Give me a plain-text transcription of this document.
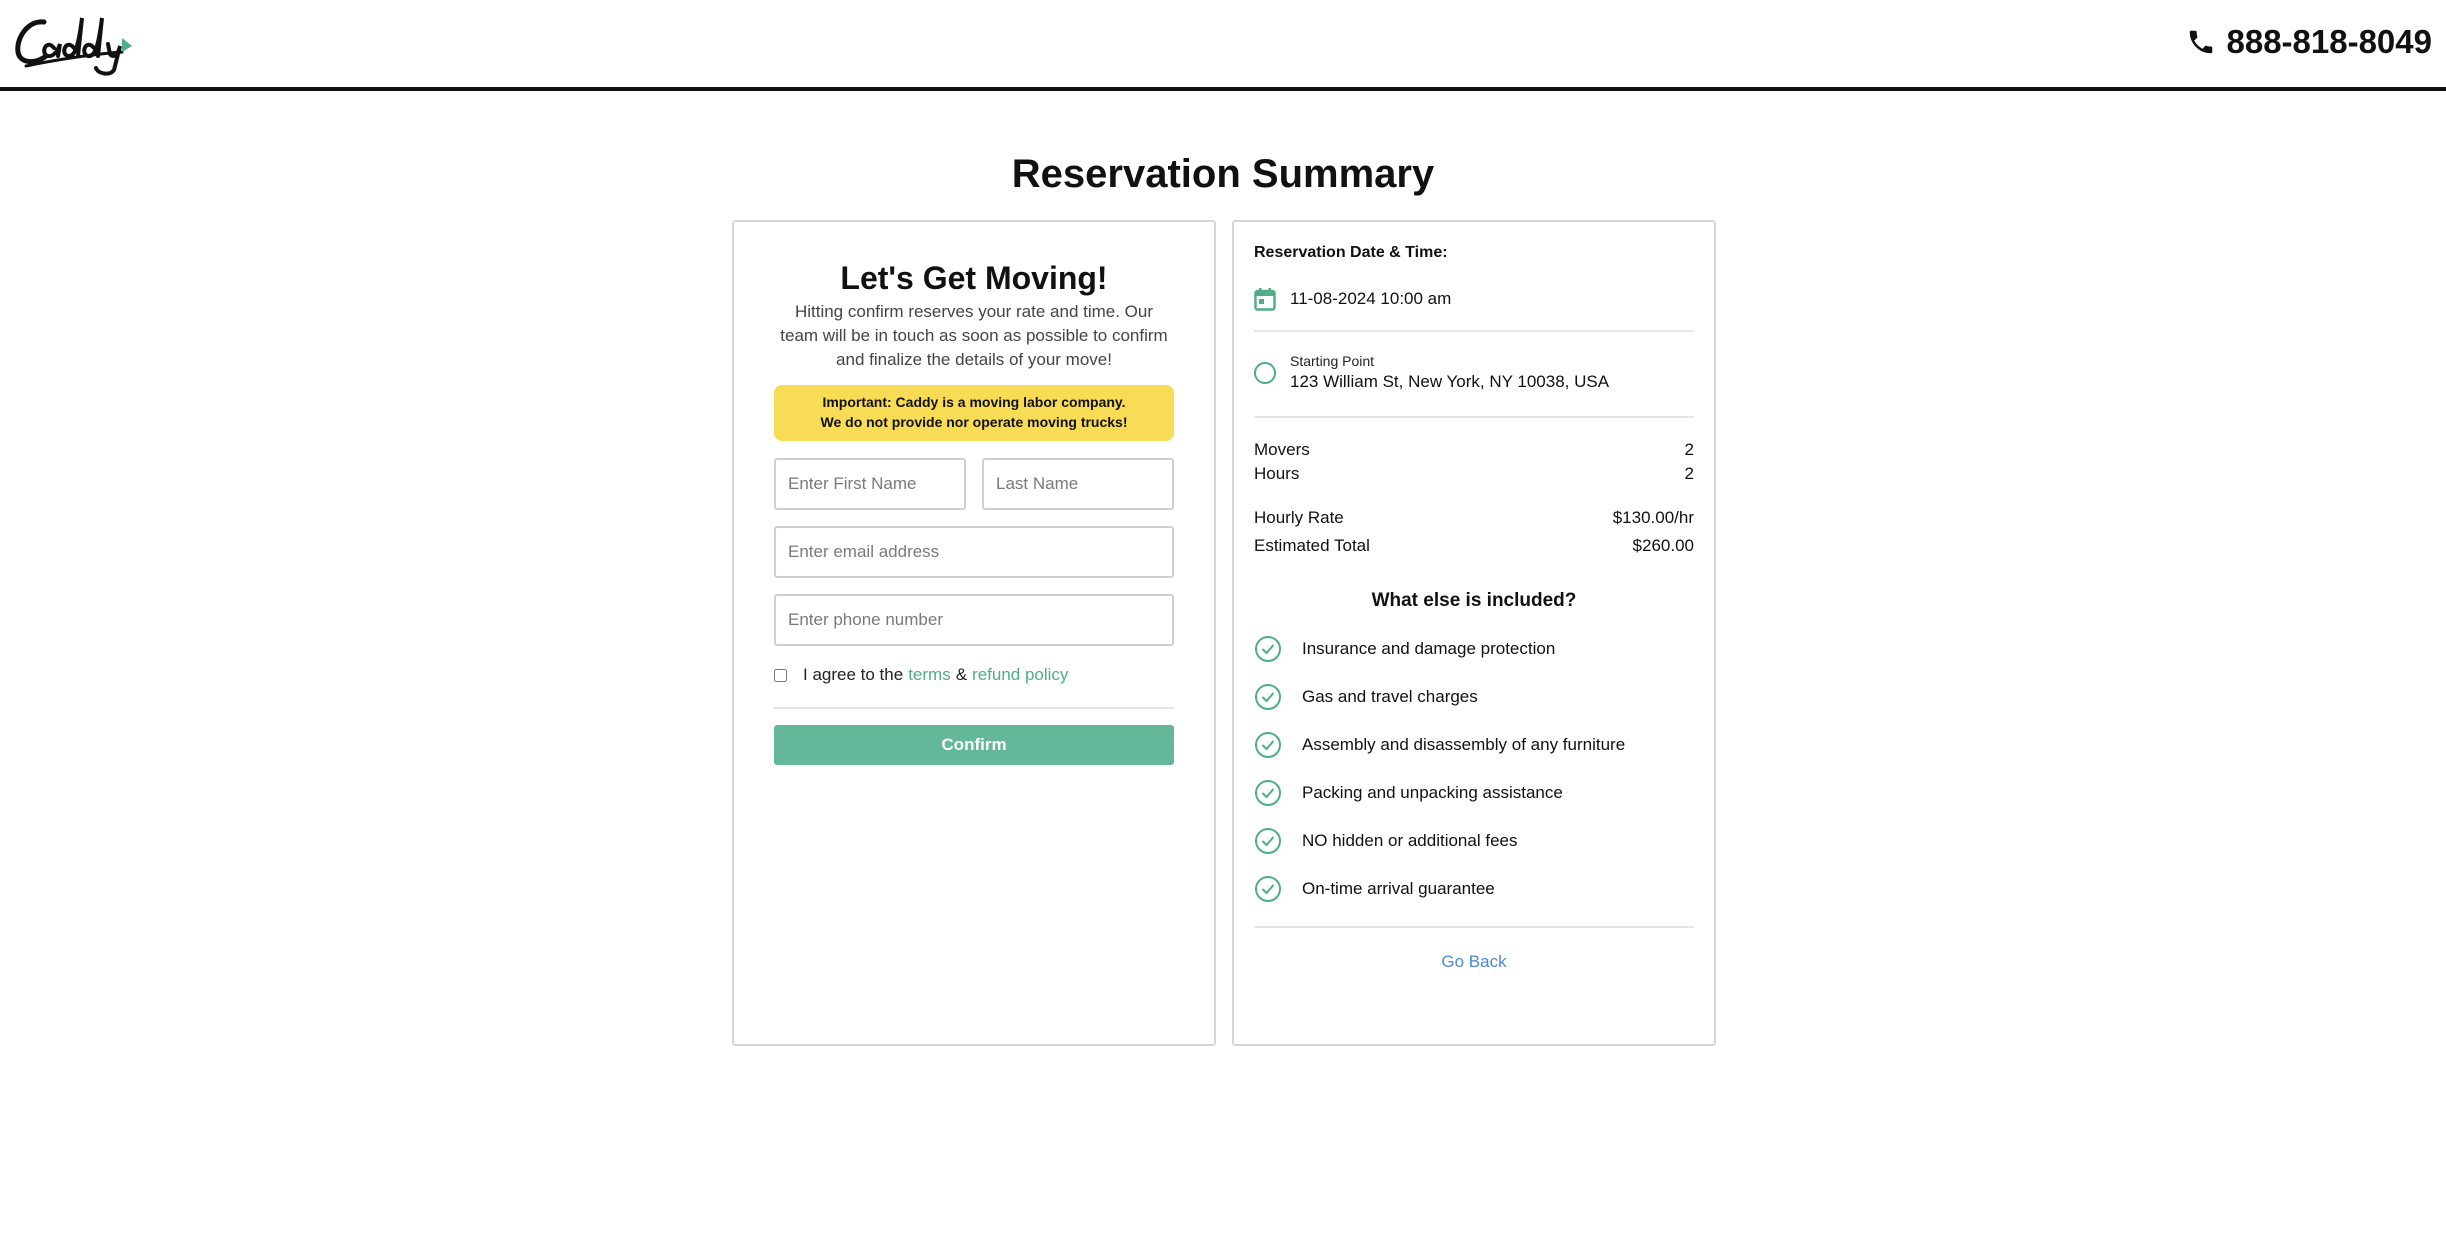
888-818-8049
Reservation Summary
Let's Get Moving!

Hitting confirm reserves your rate and time. Our team will be in touch as soon as possible to confirm and finalize the details of your move!

Important: Caddy is a moving labor company.
We do not provide nor operate moving trucks!
Enter First Name
Last Name
Enter email address
Enter phone number
I agree to the terms & refund policy
Confirm
Reservation Date & Time:
11-08-2024 10:00 am
Starting Point
123 William St, New York, NY 10038, USA
Movers	2
Hours	2
Hourly Rate	$130.00/hr
Estimated Total	$260.00
What else is included?
Insurance and damage protection
Gas and travel charges
Assembly and disassembly of any furniture
Packing and unpacking assistance
NO hidden or additional fees
On-time arrival guarantee
Go Back
